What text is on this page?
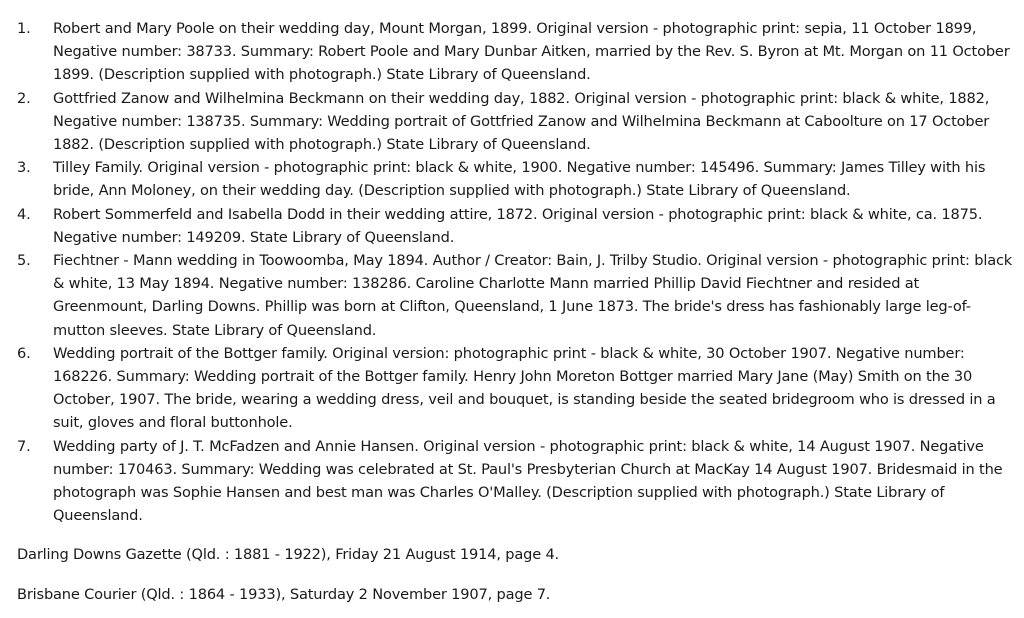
1. Robert and Mary Poole on their wedding day, Mount Morgan, 1899. Original version - photographic print: sepia, 11 October 1899, Negative number: 38733. Summary: Robert Poole and Mary Dunbar Aitken, married by the Rev. S. Byron at Mt. Morgan on 11 October 1899. (Description supplied with photograph.) State Library of Queensland.
2. Gottfried Zanow and Wilhelmina Beckmann on their wedding day, 1882. Original version - photographic print: black & white, 1882, Negative number: 138735. Summary: Wedding portrait of Gottfried Zanow and Wilhelmina Beckmann at Caboolture on 17 October 1882. (Description supplied with photograph.) State Library of Queensland.
3. Tilley Family. Original version - photographic print: black & white, 1900. Negative number: 145496. Summary: James Tilley with his bride, Ann Moloney, on their wedding day. (Description supplied with photograph.) State Library of Queensland.
4. Robert Sommerfeld and Isabella Dodd in their wedding attire, 1872. Original version - photographic print: black & white, ca. 1875. Negative number: 149209. State Library of Queensland.
5. Fiechtner - Mann wedding in Toowoomba, May 1894. Author / Creator: Bain, J. Trilby Studio. Original version - photographic print: black & white, 13 May 1894. Negative number: 138286. Caroline Charlotte Mann married Phillip David Fiechtner and resided at Greenmount, Darling Downs. Phillip was born at Clifton, Queensland, 1 June 1873. The bride's dress has fashionably large leg-of-mutton sleeves. State Library of Queensland.
6. Wedding portrait of the Bottger family. Original version: photographic print - black & white, 30 October 1907. Negative number: 168226. Summary: Wedding portrait of the Bottger family. Henry John Moreton Bottger married Mary Jane (May) Smith on the 30 October, 1907. The bride, wearing a wedding dress, veil and bouquet, is standing beside the seated bridegroom who is dressed in a suit, gloves and floral buttonhole.
7. Wedding party of J. T. McFadzen and Annie Hansen. Original version - photographic print: black & white, 14 August 1907. Negative number: 170463. Summary: Wedding was celebrated at St. Paul's Presbyterian Church at MacKay 14 August 1907. Bridesmaid in the photograph was Sophie Hansen and best man was Charles O'Malley. (Description supplied with photograph.) State Library of Queensland.

Darling Downs Gazette (Qld. : 1881 - 1922), Friday 21 August 1914, page 4.

Brisbane Courier (Qld. : 1864 - 1933), Saturday 2 November 1907, page 7.
